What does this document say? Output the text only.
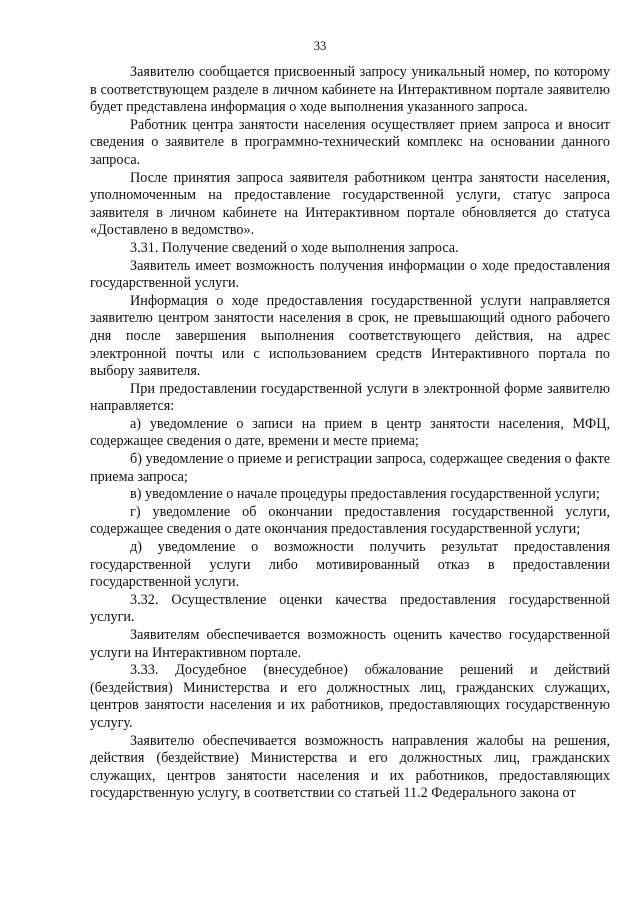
33

Заявителю сообщается присвоенный запросу уникальный номер, по которому в соответствующем разделе в личном кабинете на Интерактивном портале заявителю будет представлена информация о ходе выполнения указанного запроса.

Работник центра занятости населения осуществляет прием запроса и вносит сведения о заявителе в программно-технический комплекс на основании данного запроса.

После принятия запроса заявителя работником центра занятости населения, уполномоченным на предоставление государственной услуги, статус запроса заявителя в личном кабинете на Интерактивном портале обновляется до статуса «Доставлено в ведомство».

3.31. Получение сведений о ходе выполнения запроса.

Заявитель имеет возможность получения информации о ходе предоставления государственной услуги.

Информация о ходе предоставления государственной услуги направляется заявителю центром занятости населения в срок, не превышающий одного рабочего дня после завершения выполнения соответствующего действия, на адрес электронной почты или с использованием средств Интерактивного портала по выбору заявителя.

При предоставлении государственной услуги в электронной форме заявителю направляется:

а) уведомление о записи на прием в центр занятости населения, МФЦ, содержащее сведения о дате, времени и месте приема;

б) уведомление о приеме и регистрации запроса, содержащее сведения о факте приема запроса;

в) уведомление о начале процедуры предоставления государственной услуги;

г) уведомление об окончании предоставления государственной услуги, содержащее сведения о дате окончания предоставления государственной услуги;

д) уведомление о возможности получить результат предоставления государственной услуги либо мотивированный отказ в предоставлении государственной услуги.

3.32. Осуществление оценки качества предоставления государственной услуги.

Заявителям обеспечивается возможность оценить качество государственной услуги на Интерактивном портале.

3.33. Досудебное (внесудебное) обжалование решений и действий (бездействия) Министерства и его должностных лиц, гражданских служащих, центров занятости населения и их работников, предоставляющих государственную услугу.

Заявителю обеспечивается возможность направления жалобы на решения, действия (бездействие) Министерства и его должностных лиц, гражданских служащих, центров занятости населения и их работников, предоставляющих государственную услугу, в соответствии со статьей 11.2 Федерального закона от
